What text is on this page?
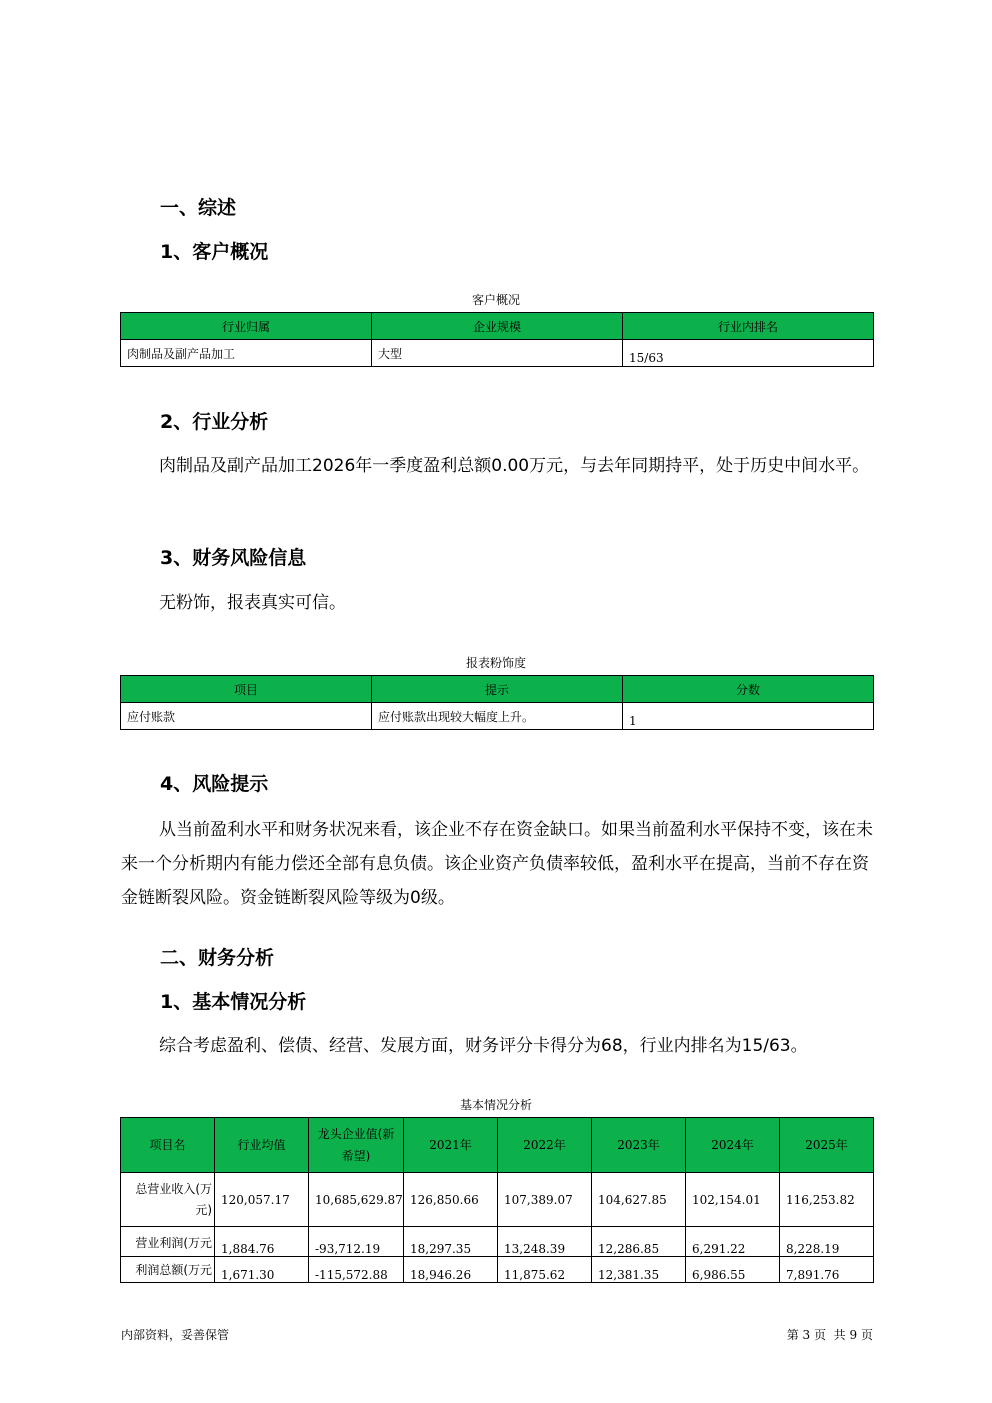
一、综述
1、客户概况
客户概况
行业归属	企业规模	行业内排名
肉制品及副产品加工	大型	15/63
2、行业分析

肉制品及副产品加工2026年一季度盈利总额0.00万元，与去年同期持平，处于历史中间水平。

3、财务风险信息

无粉饰，报表真实可信。

报表粉饰度
项目	提示	分数
应付账款	应付账款出现较大幅度上升。	1
4、风险提示

从当前盈利水平和财务状况来看，该企业不存在资金缺口。如果当前盈利水平保持不变，该在未来一个分析期内有能力偿还全部有息负债。该企业资产负债率较低，盈利水平在提高，当前不存在资金链断裂风险。资金链断裂风险等级为0级。

二、财务分析
1、基本情况分析

综合考虑盈利、偿债、经营、发展方面，财务评分卡得分为68，行业内排名为15/63。

基本情况分析
项目名	行业均值	龙头企业值(新希望)	2021年	2022年	2023年	2024年	2025年
总营业收入(万元)	120,057.17	10,685,629.87	126,850.66	107,389.07	104,627.85	102,154.01	116,253.82
营业利润(万元	1,884.76	-93,712.19	18,297.35	13,248.39	12,286.85	6,291.22	8,228.19
利润总额(万元	1,671.30	-115,572.88	18,946.26	11,875.62	12,381.35	6,986.55	7,891.76
内部资料，妥善保管	第 3 页 共 9 页
